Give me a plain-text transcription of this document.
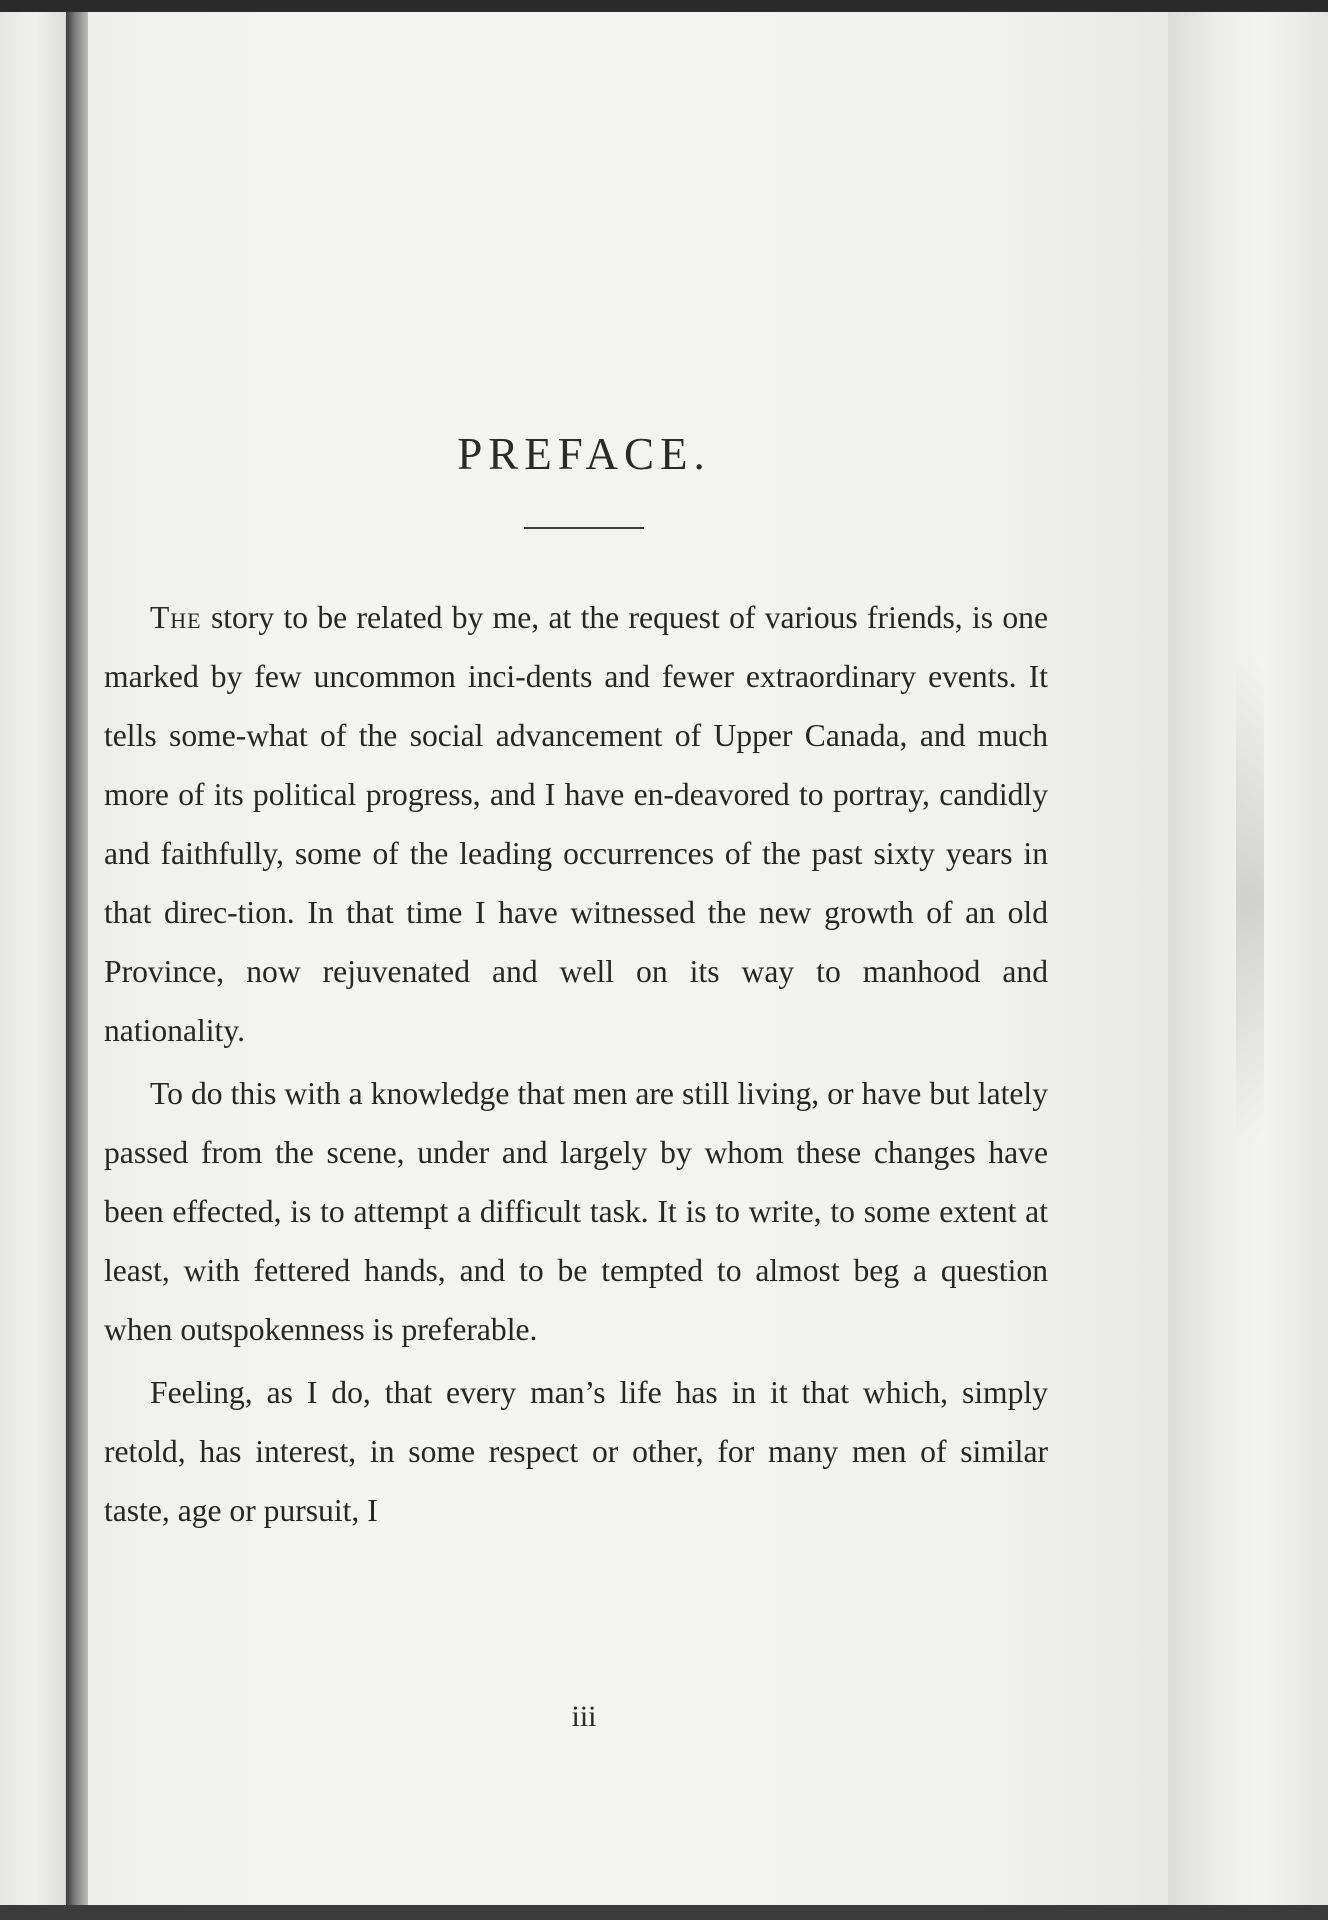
PREFACE.

The story to be related by me, at the request of various friends, is one marked by few uncommon inci-dents and fewer extraordinary events. It tells some-what of the social advancement of Upper Canada, and much more of its political progress, and I have en-deavored to portray, candidly and faithfully, some of the leading occurrences of the past sixty years in that direc-tion. In that time I have witnessed the new growth of an old Province, now rejuvenated and well on its way to manhood and nationality.

To do this with a knowledge that men are still living, or have but lately passed from the scene, under and largely by whom these changes have been effected, is to attempt a difficult task. It is to write, to some extent at least, with fettered hands, and to be tempted to almost beg a question when outspokenness is preferable.

Feeling, as I do, that every man’s life has in it that which, simply retold, has interest, in some respect or other, for many men of similar taste, age or pursuit, I

iii
